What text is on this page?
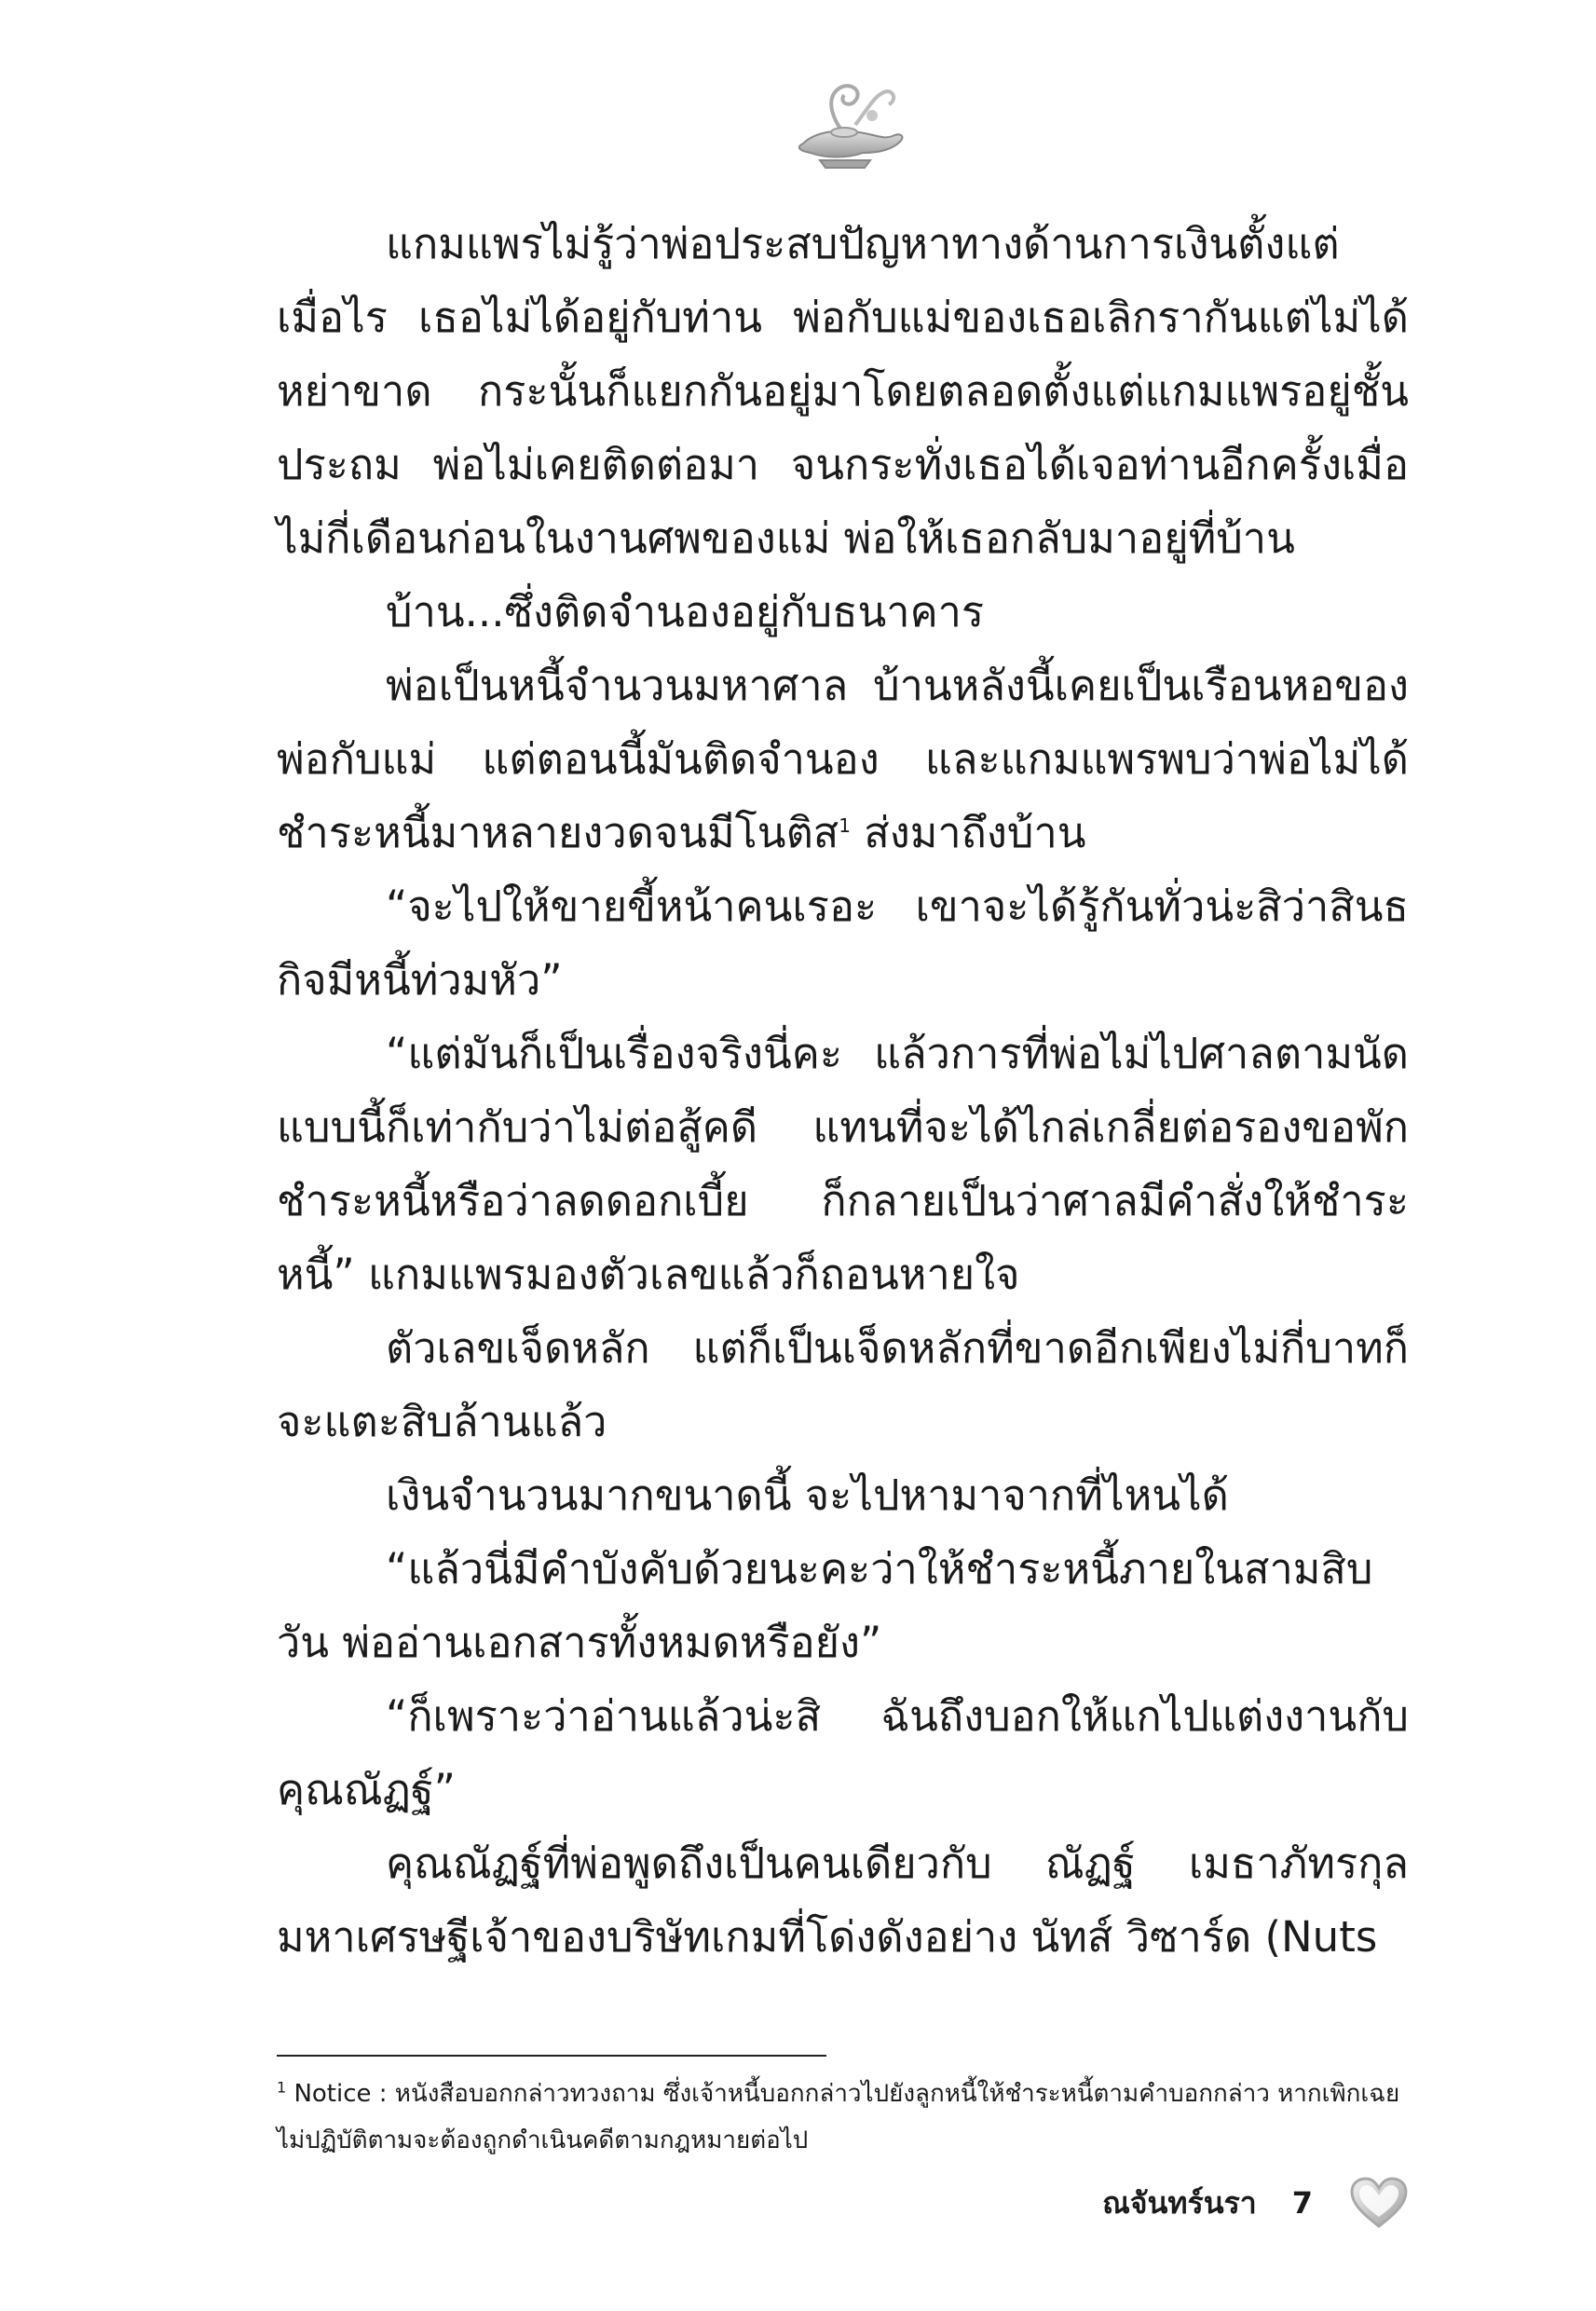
แกมแพรไม่รู้ว่าพ่อประสบปัญหาทางด้านการเงินตั้งแต่เมื่อไร เธอไม่ได้อยู่กับท่าน พ่อกับแม่ของเธอเลิกรากันแต่ไม่ได้หย่าขาด กระนั้นก็แยกกันอยู่มาโดยตลอดตั้งแต่แกมแพรอยู่ชั้นประถม พ่อไม่เคยติดต่อมา จนกระทั่งเธอได้เจอท่านอีกครั้งเมื่อไม่กี่เดือนก่อนในงานศพของแม่ พ่อให้เธอกลับมาอยู่ที่บ้าน

บ้าน...ซึ่งติดจำนองอยู่กับธนาคาร

พ่อเป็นหนี้จำนวนมหาศาล บ้านหลังนี้เคยเป็นเรือนหอของพ่อกับแม่ แต่ตอนนี้มันติดจำนอง และแกมแพรพบว่าพ่อไม่ได้ชำระหนี้มาหลายงวดจนมีโนติส$^1$ ส่งมาถึงบ้าน

“จะไปให้ขายขี้หน้าคนเรอะ เขาจะได้รู้กันทั่วน่ะสิว่าสินธกิจมีหนี้ท่วมหัว”

“แต่มันก็เป็นเรื่องจริงนี่คะ แล้วการที่พ่อไม่ไปศาลตามนัดแบบนี้ก็เท่ากับว่าไม่ต่อสู้คดี แทนที่จะได้ไกล่เกลี่ยต่อรองขอพักชำระหนี้หรือว่าลดดอกเบี้ย ก็กลายเป็นว่าศาลมีคำสั่งให้ชำระหนี้” แกมแพรมองตัวเลขแล้วก็ถอนหายใจ

ตัวเลขเจ็ดหลัก แต่ก็เป็นเจ็ดหลักที่ขาดอีกเพียงไม่กี่บาทก็จะแตะสิบล้านแล้ว

เงินจำนวนมากขนาดนี้ จะไปหามาจากที่ไหนได้

“แล้วนี่มีคำบังคับด้วยนะคะว่าให้ชำระหนี้ภายในสามสิบวัน พ่ออ่านเอกสารทั้งหมดหรือยัง”

“ก็เพราะว่าอ่านแล้วน่ะสิ ฉันถึงบอกให้แกไปแต่งงานกับคุณณัฏฐ์”

คุณณัฏฐ์ที่พ่อพูดถึงเป็นคนเดียวกับ ณัฏฐ์ เมธาภัทรกุล มหาเศรษฐีเจ้าของบริษัทเกมที่โด่งดังอย่าง นัทส์ วิซาร์ด (Nuts

$^1$ Notice : หนังสือบอกกล่าวทวงถาม ซึ่งเจ้าหนี้บอกกล่าวไปยังลูกหนี้ให้ชำระหนี้ตามคำบอกกล่าว หากเพิกเฉยไม่ปฏิบัติตามจะต้องถูกดำเนินคดีตามกฎหมายต่อไป

ณจันทร์นรา 7
